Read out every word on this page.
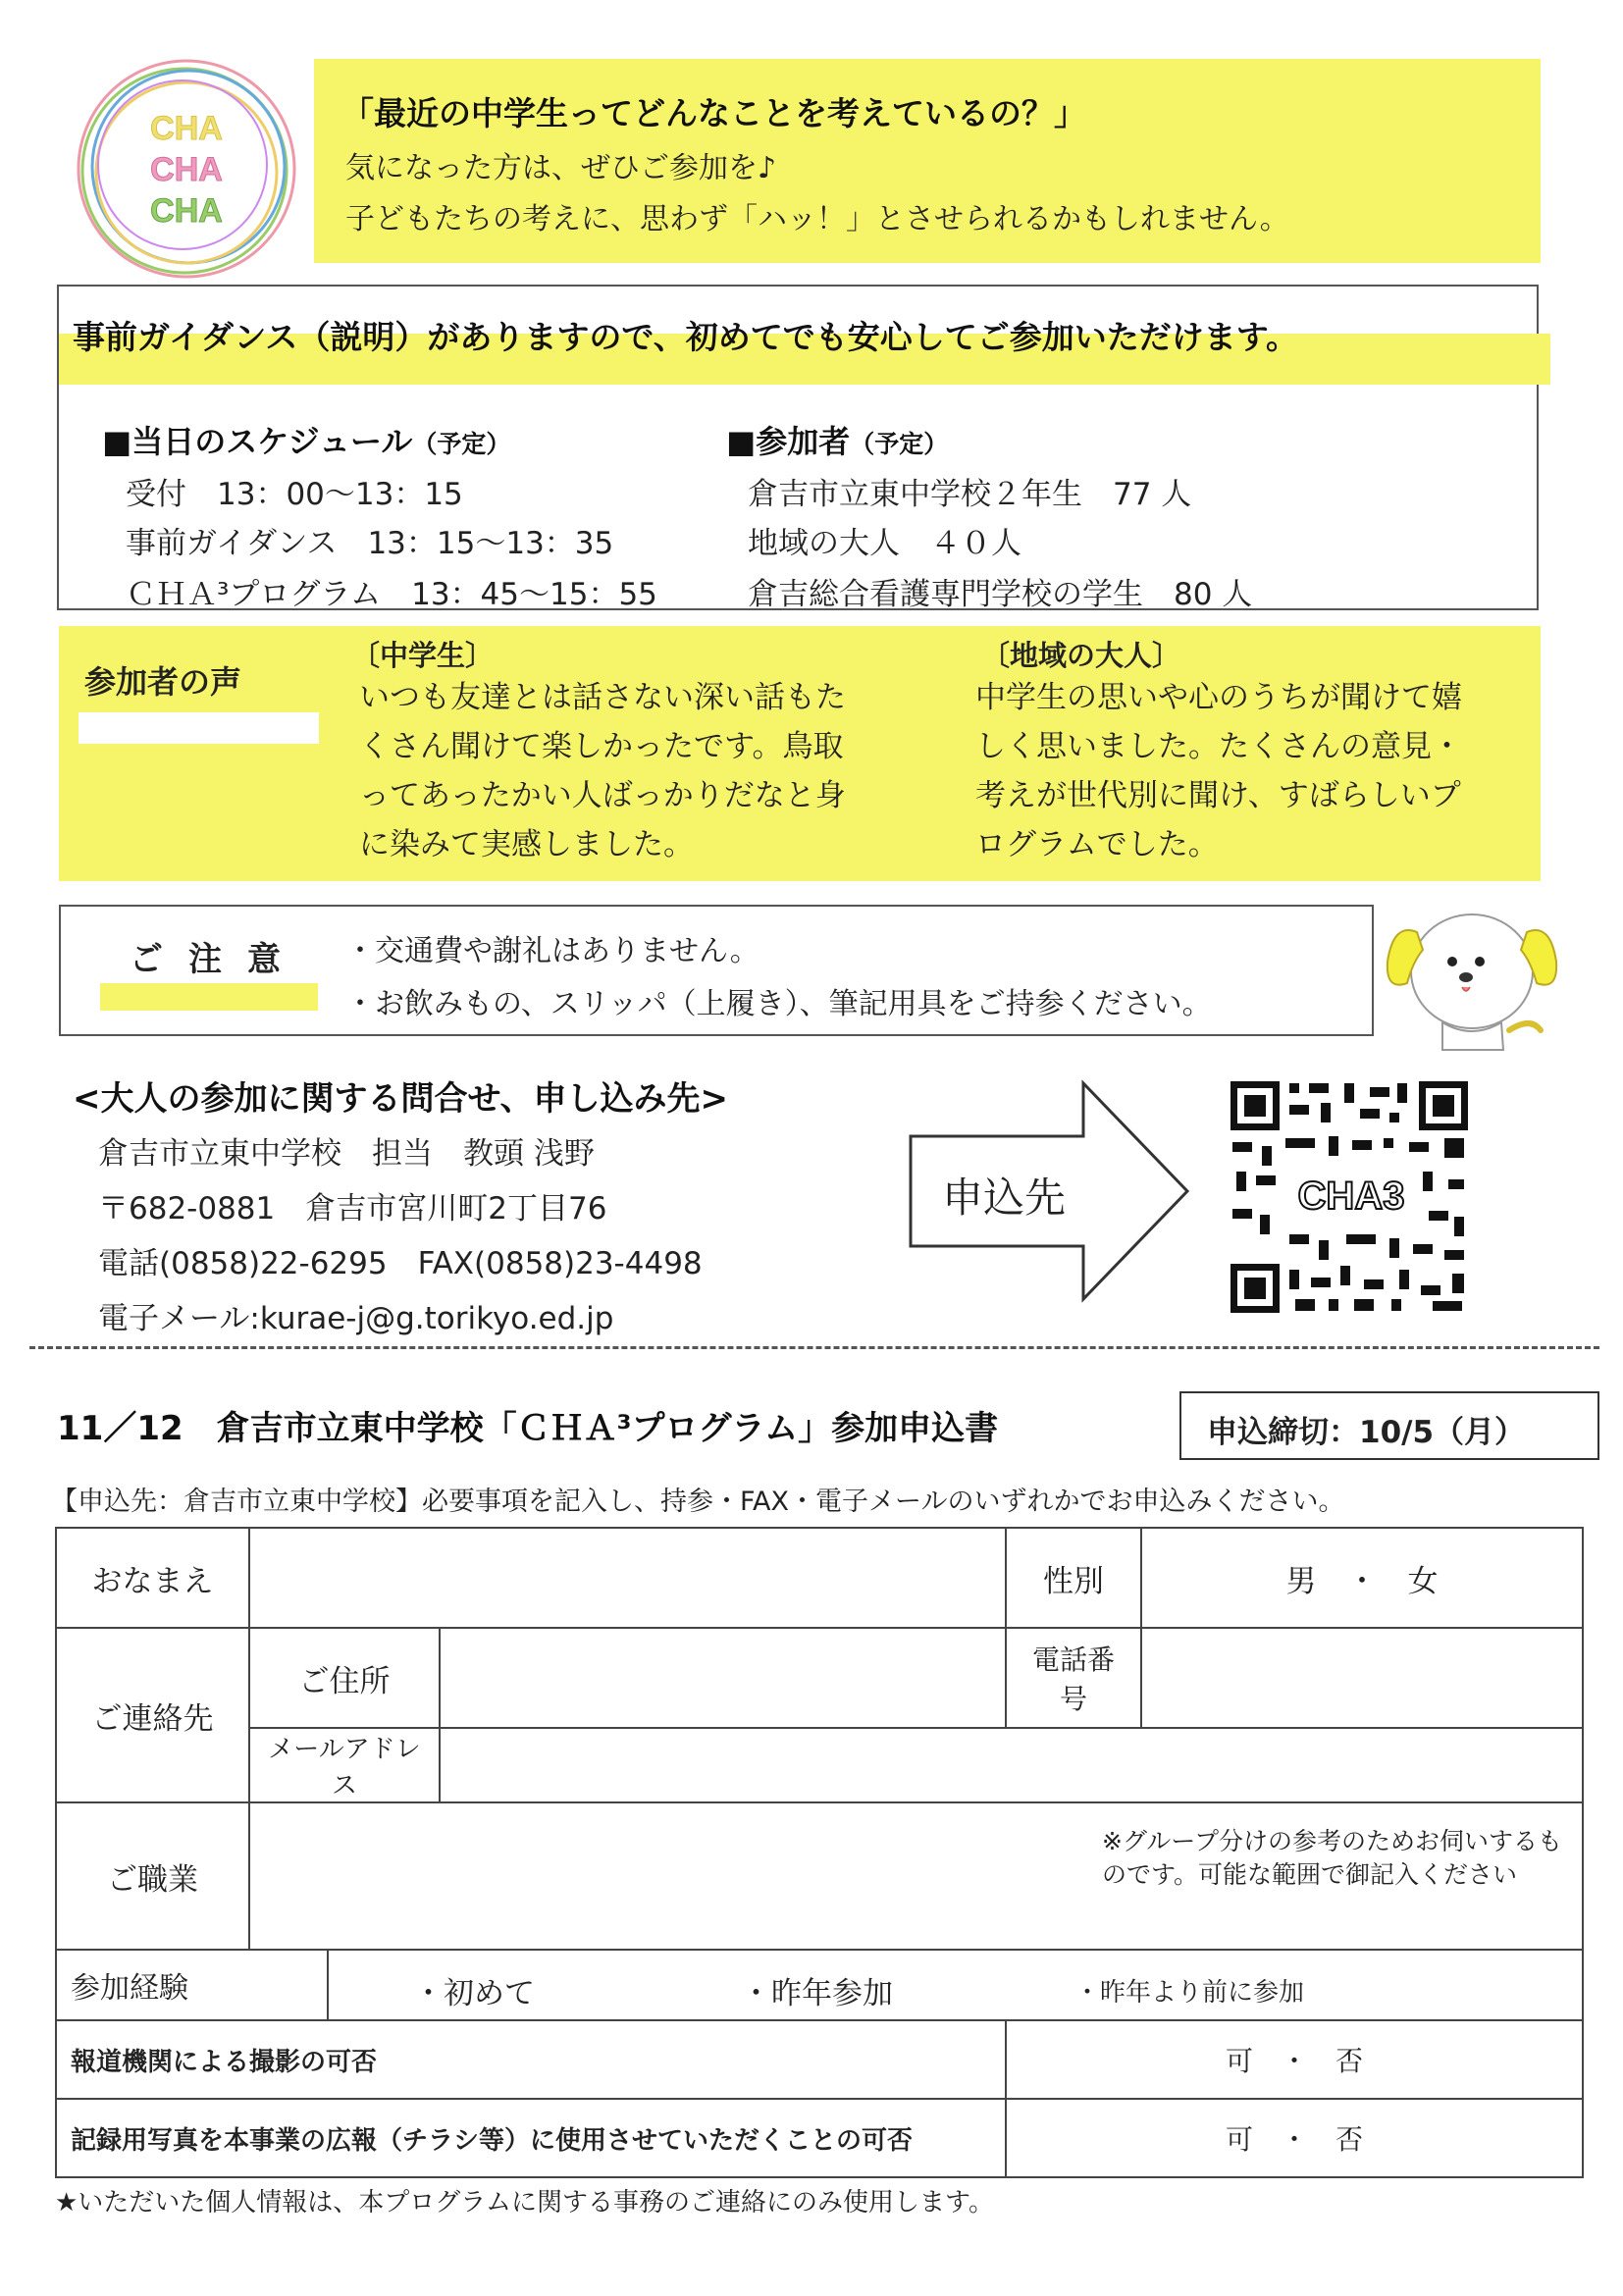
CHA
CHA
CHA
「最近の中学生ってどんなことを考えているの？」
気になった方は、ぜひご参加を♪
子どもたちの考えに、思わず「ハッ！」とさせられるかもしれません。
事前ガイダンス（説明）がありますので、初めてでも安心してご参加いただけます。
■当日のスケジュール（予定）
受付　13：00～13：15
事前ガイダンス　13：15～13：35
ＣＨＡ³プログラム　13：45～15：55
■参加者（予定）
倉吉市立東中学校２年生　77 人
地域の大人　４０人
倉吉総合看護専門学校の学生　80 人
参加者の声
〔中学生〕
いつも友達とは話さない深い話もた
くさん聞けて楽しかったです。鳥取
ってあったかい人ばっかりだなと身
に染みて実感しました。
〔地域の大人〕
中学生の思いや心のうちが聞けて嬉
しく思いました。たくさんの意見・
考えが世代別に聞け、すばらしいプ
ログラムでした。
ご注意 ・交通費や謝礼はありません。
・お飲みもの、スリッパ（上履き）、筆記用具をご持参ください。
<大人の参加に関する問合せ、申し込み先>
倉吉市立東中学校　担当　教頭 浅野
〒682-0881　倉吉市宮川町2丁目76
電話(0858)22-6295　FAX(0858)23-4498
電子メール:kurae-j@g.torikyo.ed.jp
申込先	CHA3
11／12　倉吉市立東中学校「ＣＨＡ³プログラム」参加申込書	申込締切：10/5（月）
【申込先：倉吉市立東中学校】必要事項を記入し、持参・FAX・電子メールのいずれかでお申込みください。
おなまえ				性別	男　・　女
ご連絡先	ご住所			電話番号	
	メールアドレス				
ご職業	※グループ分けの参考のためお伺いするも
のです。可能な範囲で御記入ください				

参加経験		・初めて ・昨年参加 ・昨年より前に参加			

報道機関による撮影の可否				可　・　否	
記録用写真を本事業の広報（チラシ等）に使用させていただくことの可否				可　・　否	
★いただいた個人情報は、本プログラムに関する事務のご連絡にのみ使用します。
